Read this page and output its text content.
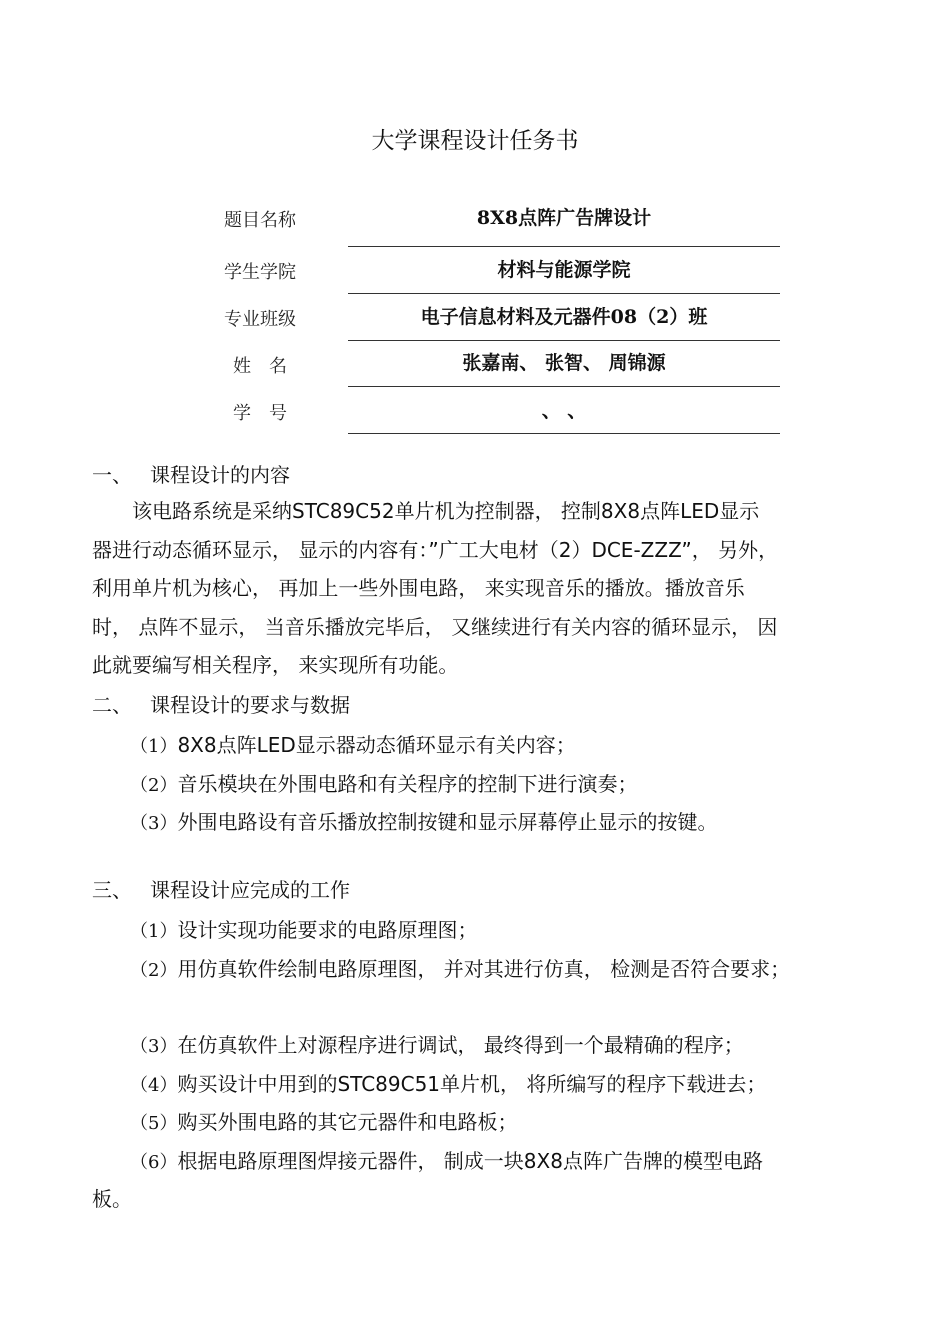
大学课程设计任务书
题目名称	8X8点阵广告牌设计
学生学院	材料与能源学院
专业班级	电子信息材料及元器件08（2）班
姓　名	张嘉南、 张智、 周锦源
学　号	、 、
一、 课程设计的内容
　　该电路系统是采纳STC89C52单片机为控制器， 控制8X8点阵LED显示
器进行动态循环显示， 显示的内容有：”广工大电材（2）DCE-ZZZ”， 另外，
利用单片机为核心， 再加上一些外围电路， 来实现音乐的播放。播放音乐
时， 点阵不显示， 当音乐播放完毕后， 又继续进行有关内容的循环显示， 因
此就要编写相关程序， 来实现所有功能。
二、 课程设计的要求与数据
（1）8X8点阵LED显示器动态循环显示有关内容；
（2）音乐模块在外围电路和有关程序的控制下进行演奏；
（3）外围电路设有音乐播放控制按键和显示屏幕停止显示的按键。
三、 课程设计应完成的工作
（1）设计实现功能要求的电路原理图；
（2）用仿真软件绘制电路原理图， 并对其进行仿真， 检测是否符合要求；
（3）在仿真软件上对源程序进行调试， 最终得到一个最精确的程序；
（4）购买设计中用到的STC89C51单片机， 将所编写的程序下载进去；
（5）购买外围电路的其它元器件和电路板；
（6）根据电路原理图焊接元器件， 制成一块8X8点阵广告牌的模型电路
板。
